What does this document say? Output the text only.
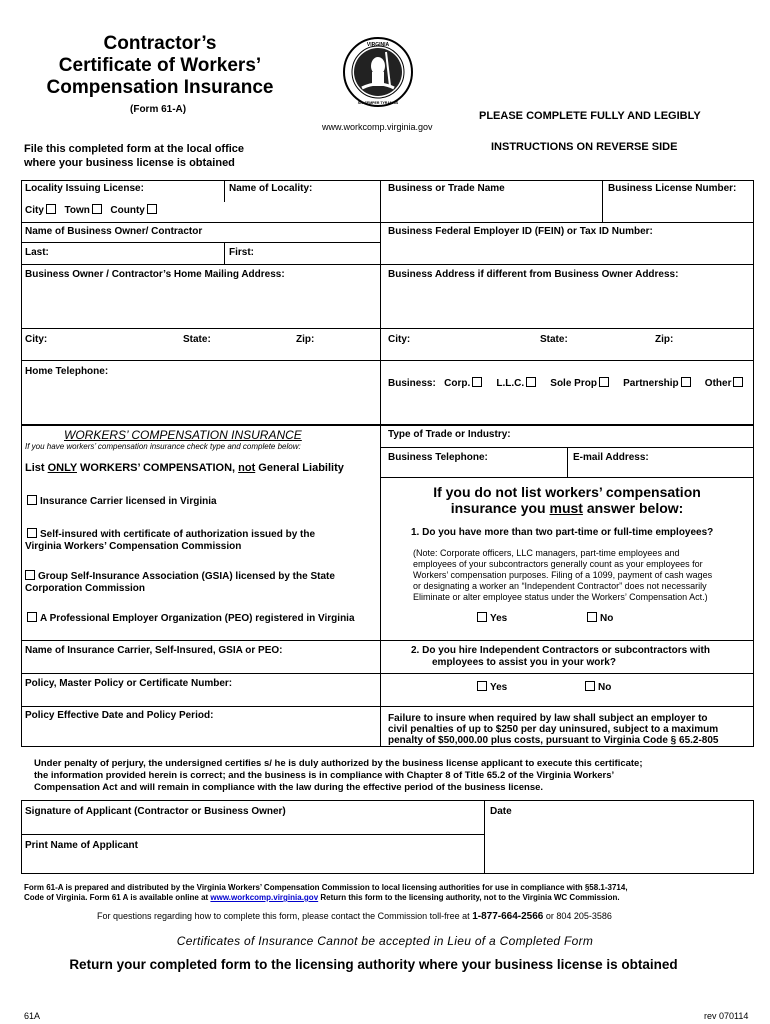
Contractor’s
Certificate of Workers’
Compensation Insurance
(Form 61-A)
VIRGINIA
SIC SEMPER TYRANNIS
www.workcomp.virginia.gov
PLEASE COMPLETE FULLY AND LEGIBLY
INSTRUCTIONS ON REVERSE SIDE
File this completed form at the local office
where your business license is obtained
Locality Issuing License:	Name of Locality:	Business or Trade Name	Business License Number:
City Town County
Name of Business Owner/ Contractor	Business Federal Employer ID (FEIN) or Tax ID Number:
Last:	First:
Business Owner / Contractor’s Home Mailing Address:	Business Address if different from Business Owner Address:
City:	State:	Zip:	City:	State:	Zip:
Home Telephone:
Business: Corp.	L.L.C.	Sole Prop	Partnership	Other
WORKERS’ COMPENSATION INSURANCE
If you have workers’ compensation insurance check type and complete below:
List ONLY WORKERS’ COMPENSATION, not General Liability
Insurance Carrier licensed in Virginia
Self-insured with certificate of authorization issued by the
Virginia Workers’ Compensation Commission
Group Self-Insurance Association (GSIA) licensed by the State
Corporation Commission
A Professional Employer Organization (PEO) registered in Virginia
Name of Insurance Carrier, Self-Insured, GSIA or PEO:
Policy, Master Policy or Certificate Number:
Policy Effective Date and Policy Period:
Type of Trade or Industry:
Business Telephone:	E-mail Address:
If you do not list workers’ compensation
insurance you must answer below:
1. Do you have more than two part-time or full-time employees?
(Note: Corporate officers, LLC managers, part-time employees and
employees of your subcontractors generally count as your employees for
Workers’ compensation purposes. Filing of a 1099, payment of cash wages
or designating a worker an “Independent Contractor” does not necessarily
Eliminate or alter employee status under the Workers’ Compensation Act.)
Yes	No
2. Do you hire Independent Contractors or subcontractors with
employees to assist you in your work?
Yes	No
Failure to insure when required by law shall subject an employer to
civil penalties of up to $250 per day uninsured, subject to a maximum
penalty of $50,000.00 plus costs, pursuant to Virginia Code § 65.2-805
Under penalty of perjury, the undersigned certifies s/ he is duly authorized by the business license applicant to execute this certificate;
the information provided herein is correct; and the business is in compliance with Chapter 8 of Title 65.2 of the Virginia Workers’
Compensation Act and will remain in compliance with the law during the effective period of the business license.
Signature of Applicant (Contractor or Business Owner)	Date
Print Name of Applicant
Form 61-A is prepared and distributed by the Virginia Workers’ Compensation Commission to local licensing authorities for use in compliance with §58.1-3714,
Code of Virginia. Form 61 A is available online at www.workcomp.virginia.gov Return this form to the licensing authority, not to the Virginia WC Commission.
For questions regarding how to complete this form, please contact the Commission toll-free at 1-877-664-2566 or 804 205-3586
Certificates of Insurance Cannot be accepted in Lieu of a Completed Form
Return your completed form to the licensing authority where your business license is obtained
61A	rev 070114
